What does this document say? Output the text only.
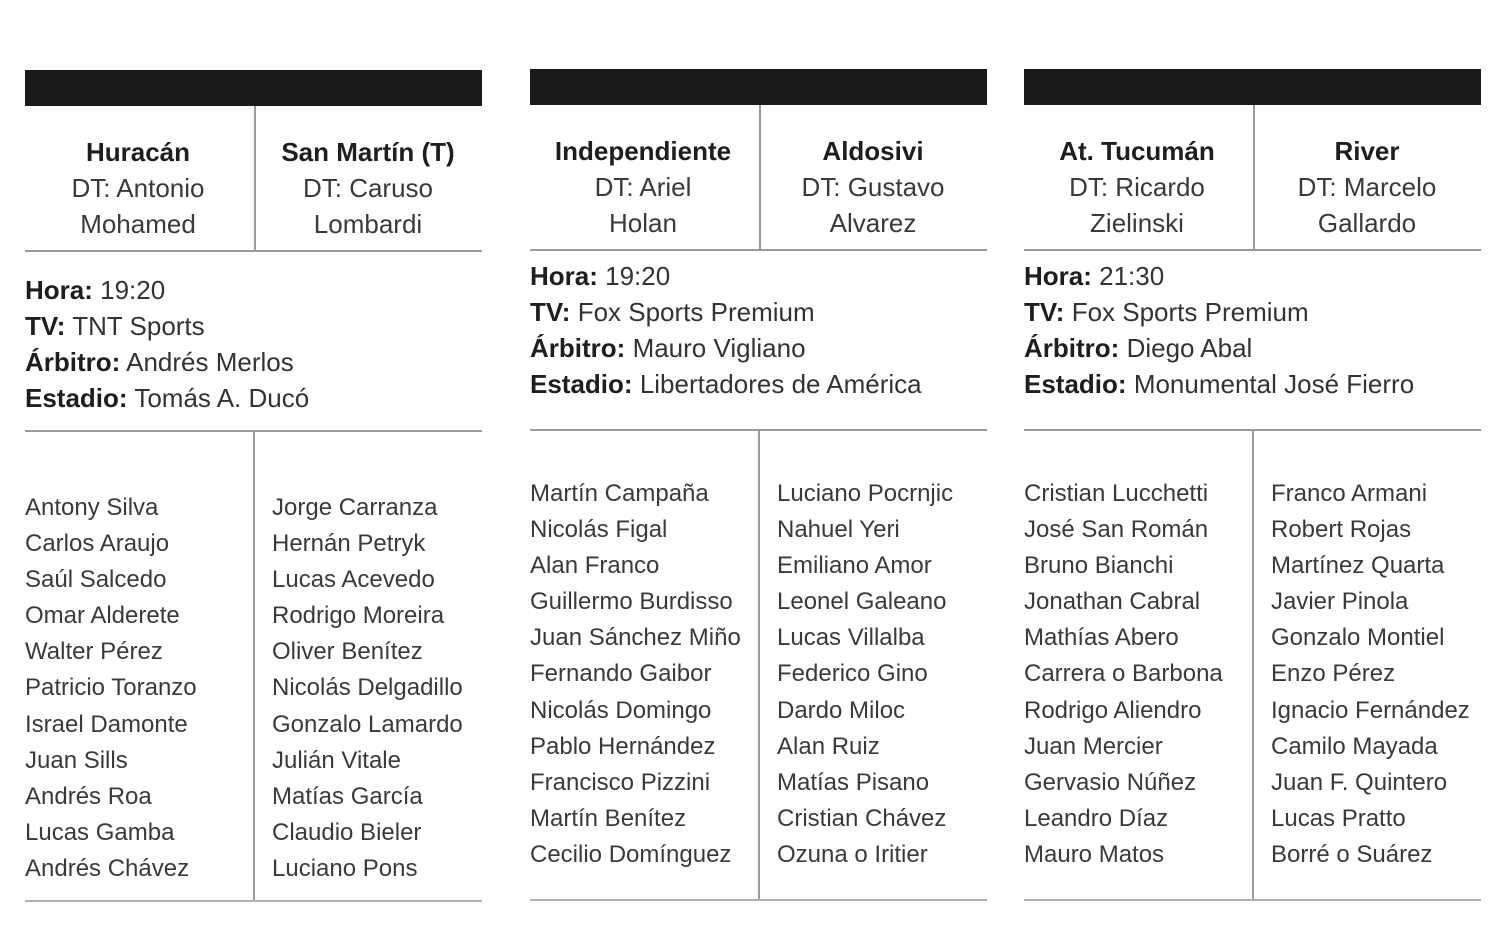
Huracán
DT: Antonio
Mohamed
San Martín (T)
DT: Caruso
Lombardi
Hora: 19:20
TV: TNT Sports
Árbitro: Andrés Merlos
Estadio: Tomás A. Ducó
Antony Silva
Carlos Araujo
Saúl Salcedo
Omar Alderete
Walter Pérez
Patricio Toranzo
Israel Damonte
Juan Sills
Andrés Roa
Lucas Gamba
Andrés Chávez
Jorge Carranza
Hernán Petryk
Lucas Acevedo
Rodrigo Moreira
Oliver Benítez
Nicolás Delgadillo
Gonzalo Lamardo
Julián Vitale
Matías García
Claudio Bieler
Luciano Pons
Independiente
DT: Ariel
Holan
Aldosivi
DT: Gustavo
Alvarez
Hora: 19:20
TV: Fox Sports Premium
Árbitro: Mauro Vigliano
Estadio: Libertadores de América
Martín Campaña
Nicolás Figal
Alan Franco
Guillermo Burdisso
Juan Sánchez Miño
Fernando Gaibor
Nicolás Domingo
Pablo Hernández
Francisco Pizzini
Martín Benítez
Cecilio Domínguez
Luciano Pocrnjic
Nahuel Yeri
Emiliano Amor
Leonel Galeano
Lucas Villalba
Federico Gino
Dardo Miloc
Alan Ruiz
Matías Pisano
Cristian Chávez
Ozuna o Iritier
At. Tucumán
DT: Ricardo
Zielinski
River
DT: Marcelo
Gallardo
Hora: 21:30
TV: Fox Sports Premium
Árbitro: Diego Abal
Estadio: Monumental José Fierro
Cristian Lucchetti
José San Román
Bruno Bianchi
Jonathan Cabral
Mathías Abero
Carrera o Barbona
Rodrigo Aliendro
Juan Mercier
Gervasio Núñez
Leandro Díaz
Mauro Matos
Franco Armani
Robert Rojas
Martínez Quarta
Javier Pinola
Gonzalo Montiel
Enzo Pérez
Ignacio Fernández
Camilo Mayada
Juan F. Quintero
Lucas Pratto
Borré o Suárez
